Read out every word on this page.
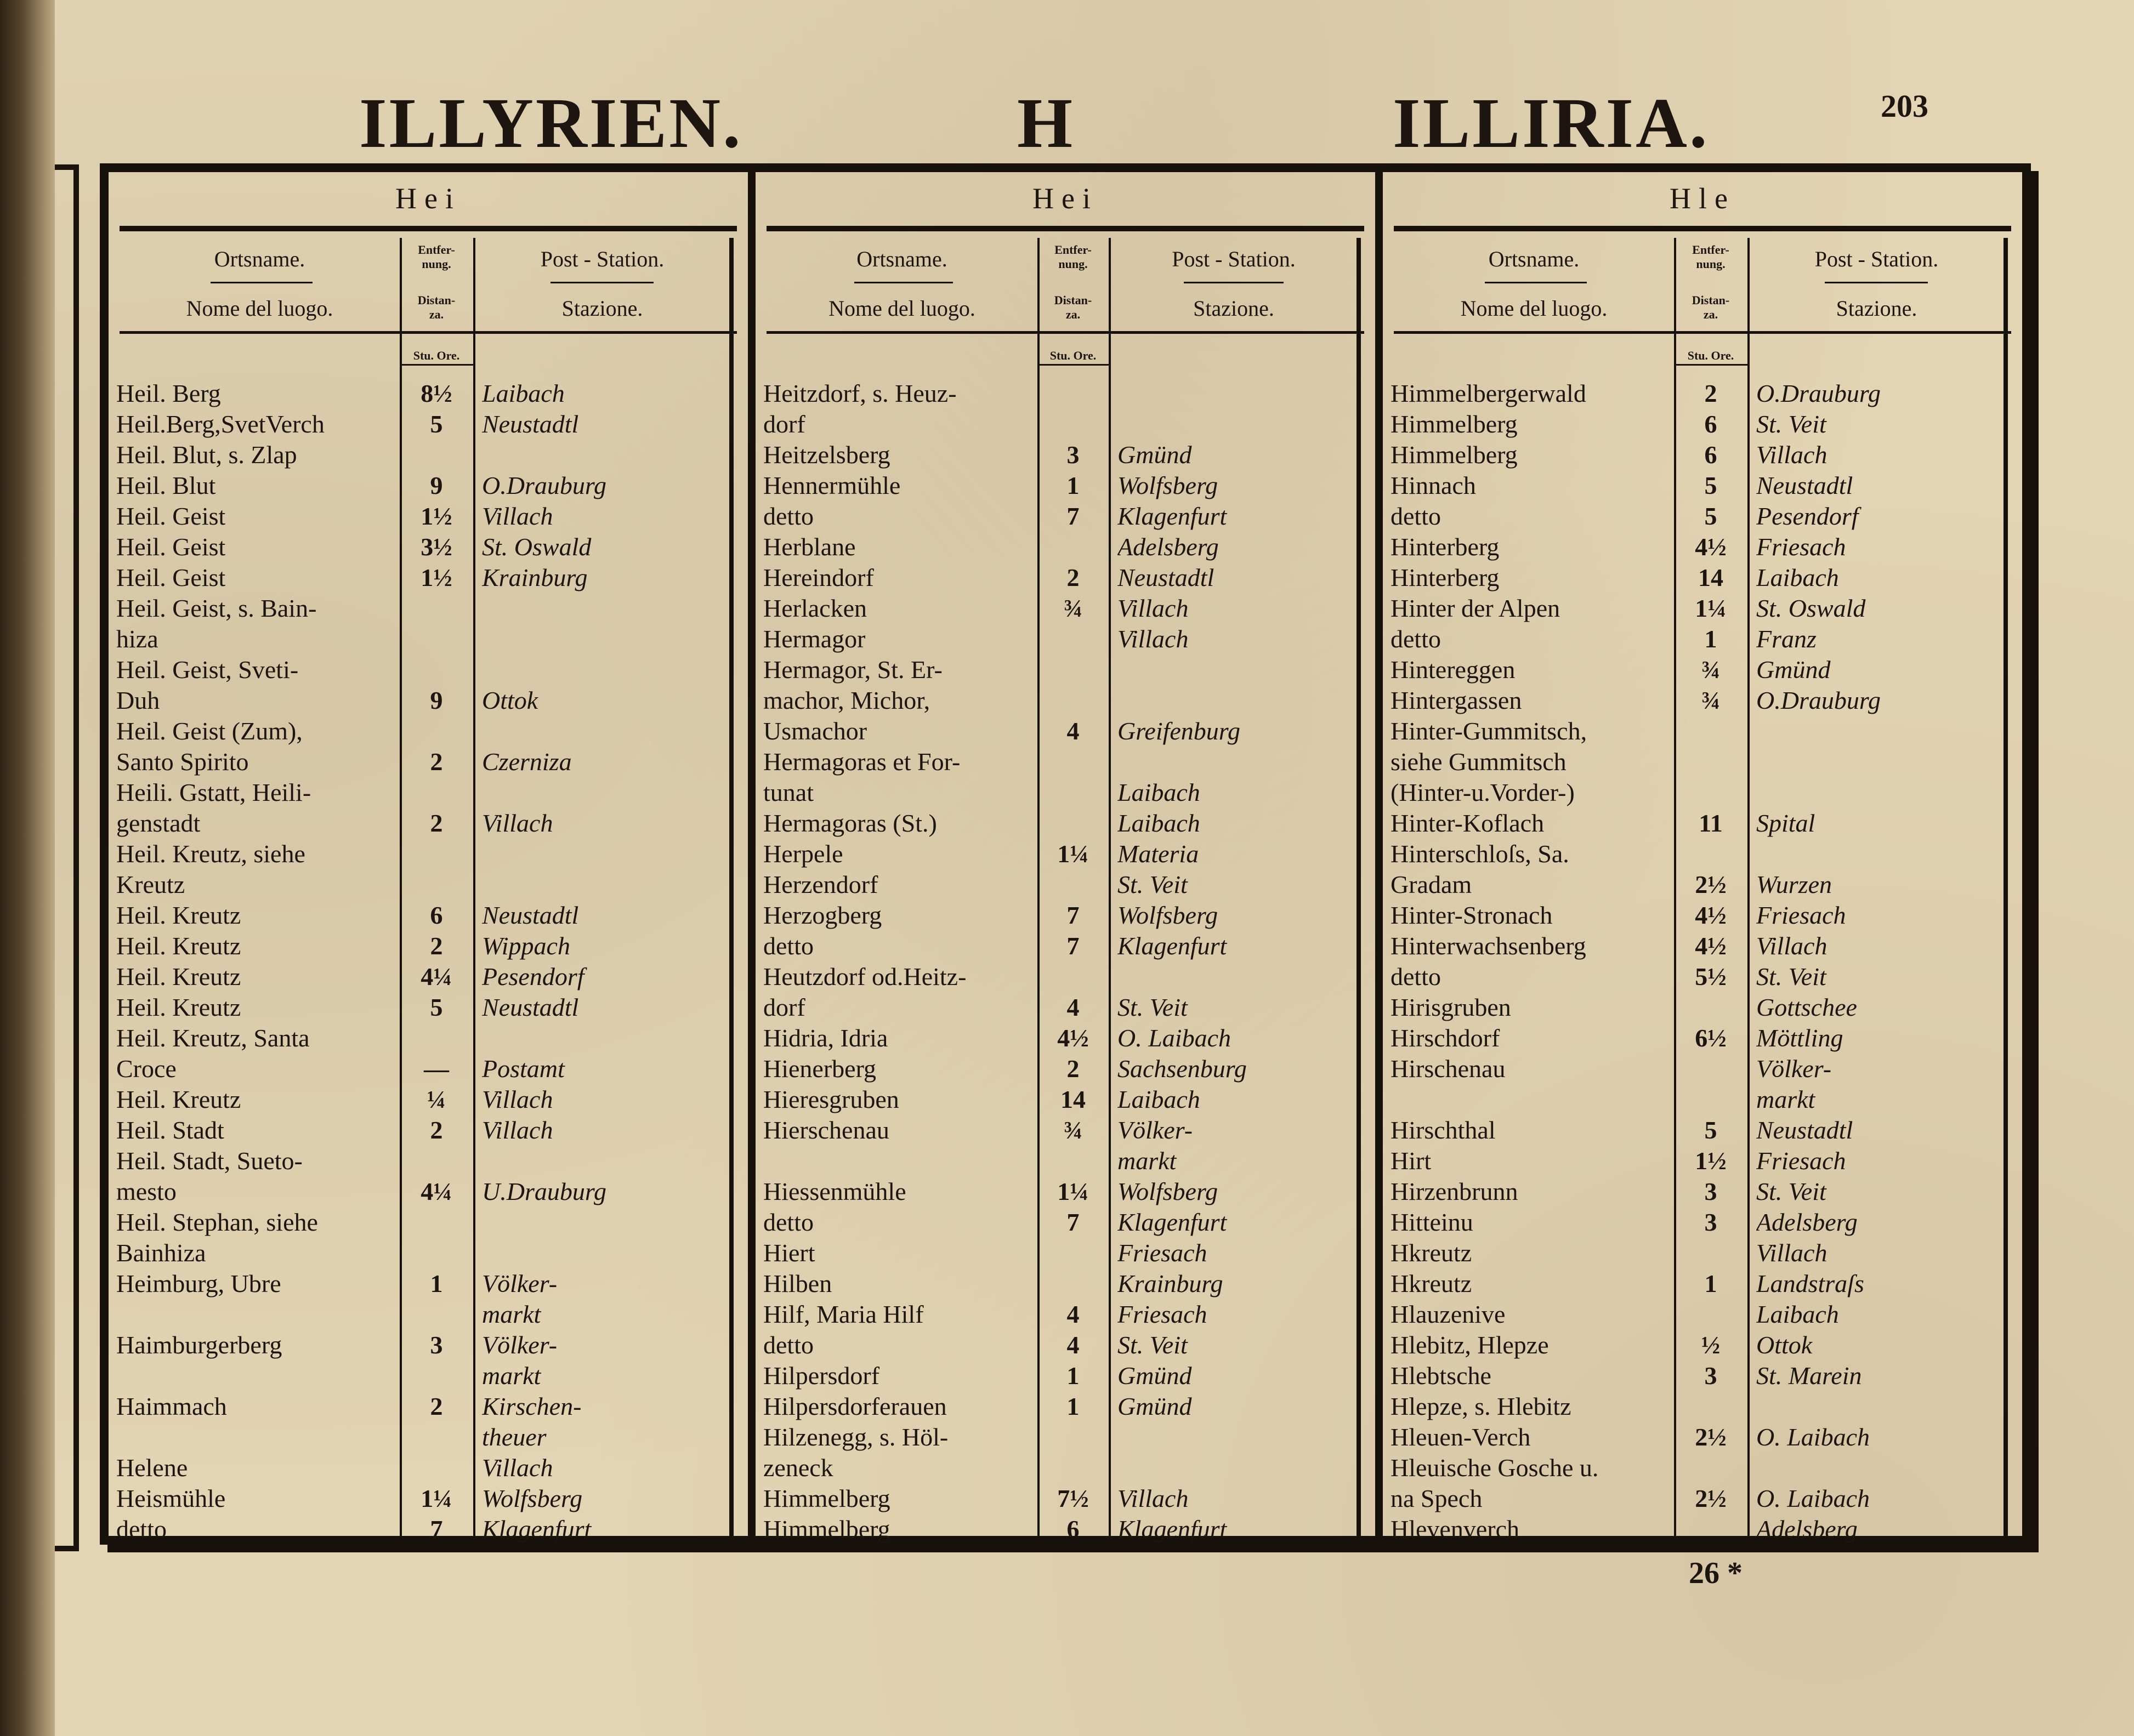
ILLYRIEN.	H	ILLIRIA.	203
Hei
Ortsname.
Nome del luogo.
Entfer-
nung.
Distan-
za.
Post - Station.
Stazione.
Stu. Ore.
Heil. Berg	8½	Laibach
Heil.Berg,SvetVerch	5	Neustadtl
Heil. Blut, s. Zlap
Heil. Blut	9	O.Drauburg
Heil. Geist	1½	Villach
Heil. Geist	3½	St. Oswald
Heil. Geist	1½	Krainburg
Heil. Geist, s. Bain-
hiza
Heil. Geist, Sveti-
Duh	9	Ottok
Heil. Geist (Zum),
Santo Spirito	2	Czerniza
Heili. Gstatt, Heili-
genstadt	2	Villach
Heil. Kreutz, siehe
Kreutz
Heil. Kreutz	6	Neustadtl
Heil. Kreutz	2	Wippach
Heil. Kreutz	4¼	Pesendorf
Heil. Kreutz	5	Neustadtl
Heil. Kreutz, Santa
Croce	—	Postamt
Heil. Kreutz	¼	Villach
Heil. Stadt	2	Villach
Heil. Stadt, Sueto-
mesto	4¼	U.Drauburg
Heil. Stephan, siehe
Bainhiza
Heimburg, Ubre	1	Völker-
markt
Haimburgerberg	3	Völker-
markt
Haimmach	2	Kirschen-
theuer
Helene	Villach
Heismühle	1¼	Wolfsberg
detto	7	Klagenfurt
Hei
Ortsname.
Nome del luogo.
Entfer-
nung.
Distan-
za.
Post - Station.
Stazione.
Stu. Ore.
Heitzdorf, s. Heuz-
dorf
Heitzelsberg	3	Gmünd
Hennermühle	1	Wolfsberg
detto	7	Klagenfurt
Herblane	Adelsberg
Hereindorf	2	Neustadtl
Herlacken	¾	Villach
Hermagor	Villach
Hermagor, St. Er-
machor, Michor,
Usmachor	4	Greifenburg
Hermagoras et For-
tunat	Laibach
Hermagoras (St.)	Laibach
Herpele	1¼	Materia
Herzendorf	St. Veit
Herzogberg	7	Wolfsberg
detto	7	Klagenfurt
Heutzdorf od.Heitz-
dorf	4	St. Veit
Hidria, Idria	4½	O. Laibach
Hienerberg	2	Sachsenburg
Hieresgruben	14	Laibach
Hierschenau	¾	Völker-
markt
Hiessenmühle	1¼	Wolfsberg
detto	7	Klagenfurt
Hiert	Friesach
Hilben	Krainburg
Hilf, Maria Hilf	4	Friesach
detto	4	St. Veit
Hilpersdorf	1	Gmünd
Hilpersdorferauen	1	Gmünd
Hilzenegg, s. Höl-
zeneck
Himmelberg	7½	Villach
Himmelberg	6	Klagenfurt
Hle
Ortsname.
Nome del luogo.
Entfer-
nung.
Distan-
za.
Post - Station.
Stazione.
Stu. Ore.
Himmelbergerwald	2	O.Drauburg
Himmelberg	6	St. Veit
Himmelberg	6	Villach
Hinnach	5	Neustadtl
detto	5	Pesendorf
Hinterberg	4½	Friesach
Hinterberg	14	Laibach
Hinter der Alpen	1¼	St. Oswald
detto	1	Franz
Hintereggen	¾	Gmünd
Hintergassen	¾	O.Drauburg
Hinter-Gummitsch,
siehe Gummitsch
(Hinter-u.Vorder-)
Hinter-Koflach	11	Spital
Hinterschloſs, Sa.
Gradam	2½	Wurzen
Hinter-Stronach	4½	Friesach
Hinterwachsenberg	4½	Villach
detto	5½	St. Veit
Hirisgruben	Gottschee
Hirschdorf	6½	Möttling
Hirschenau	Völker-
markt
Hirschthal	5	Neustadtl
Hirt	1½	Friesach
Hirzenbrunn	3	St. Veit
Hitteinu	3	Adelsberg
Hkreutz	Villach
Hkreutz	1	Landstraſs
Hlauzenive	Laibach
Hlebitz, Hlepze	½	Ottok
Hlebtsche	3	St. Marein
Hlepze, s. Hlebitz
Hleuen-Verch	2½	O. Laibach
Hleuische Gosche u.
na Spech	2½	O. Laibach
Hlevenverch	Adelsberg
26 *
